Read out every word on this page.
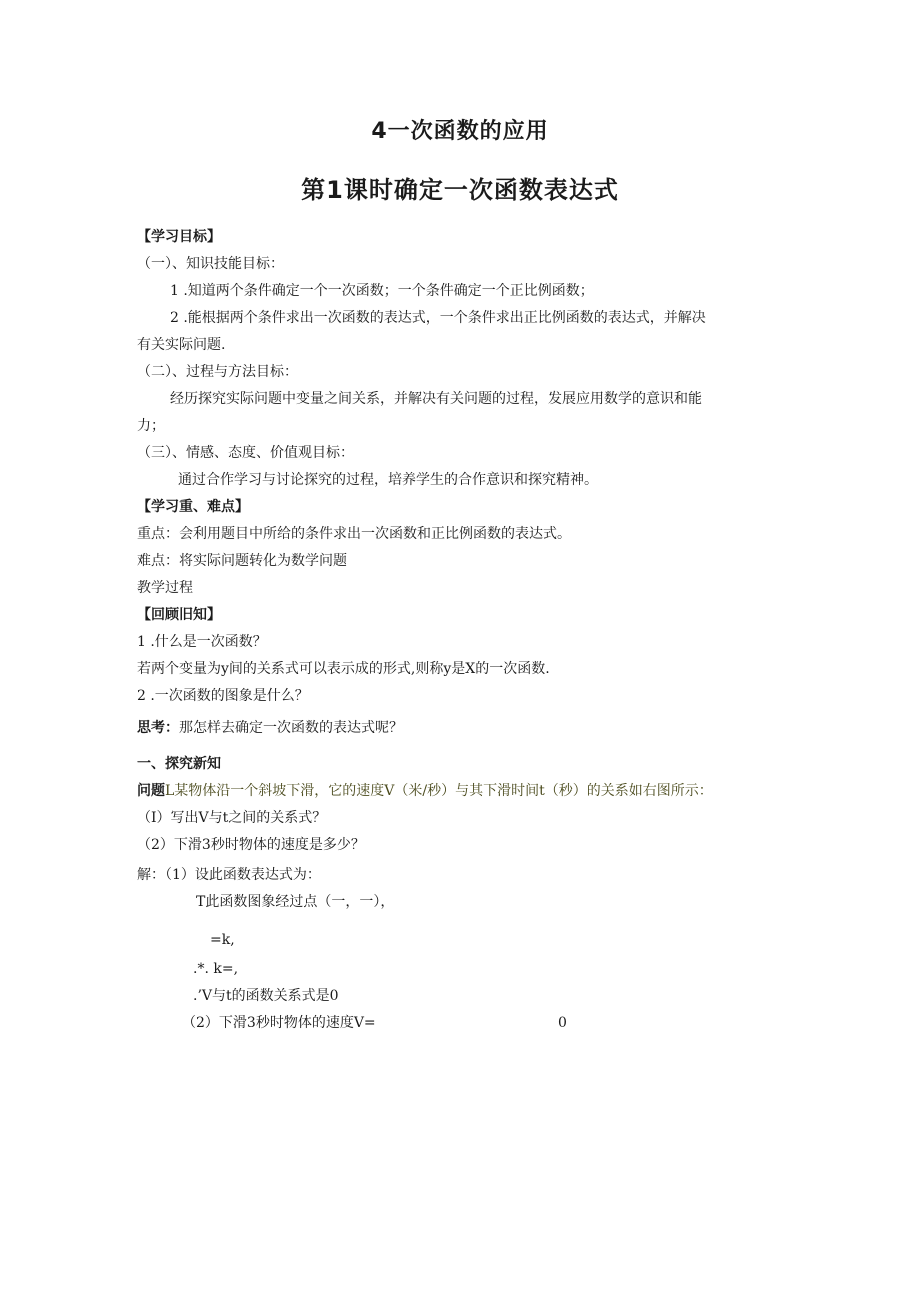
4一次函数的应用
第1课时确定一次函数表达式
【学习目标】
（一）、知识技能目标：
1 .知道两个条件确定一个一次函数；一个条件确定一个正比例函数；
2 .能根据两个条件求出一次函数的表达式，一个条件求出正比例函数的表达式，并解决
有关实际问题.
（二）、过程与方法目标：
经历探究实际问题中变量之间关系，并解决有关问题的过程，发展应用数学的意识和能
力；
（三）、情感、态度、价值观目标：
通过合作学习与讨论探究的过程，培养学生的合作意识和探究精神。
【学习重、难点】
重点：会利用题目中所给的条件求出一次函数和正比例函数的表达式。
难点：将实际问题转化为数学问题
教学过程
【回顾旧知】
1 .什么是一次函数？
若两个变量为y间的关系式可以表示成的形式,则称y是X的一次函数.
2 .一次函数的图象是什么？
思考：那怎样去确定一次函数的表达式呢？
一、探究新知
问题L某物体沿一个斜坡下滑，它的速度V（米/秒）与其下滑时间t（秒）的关系如右图所示：
（I）写出V与t之间的关系式？
（2）下滑3秒时物体的速度是多少？
解：（1）设此函数表达式为：
T此函数图象经过点（一，一），
=k,
.*. k=,
.’V与t的函数关系式是0
（2）下滑3秒时物体的速度V=	0
